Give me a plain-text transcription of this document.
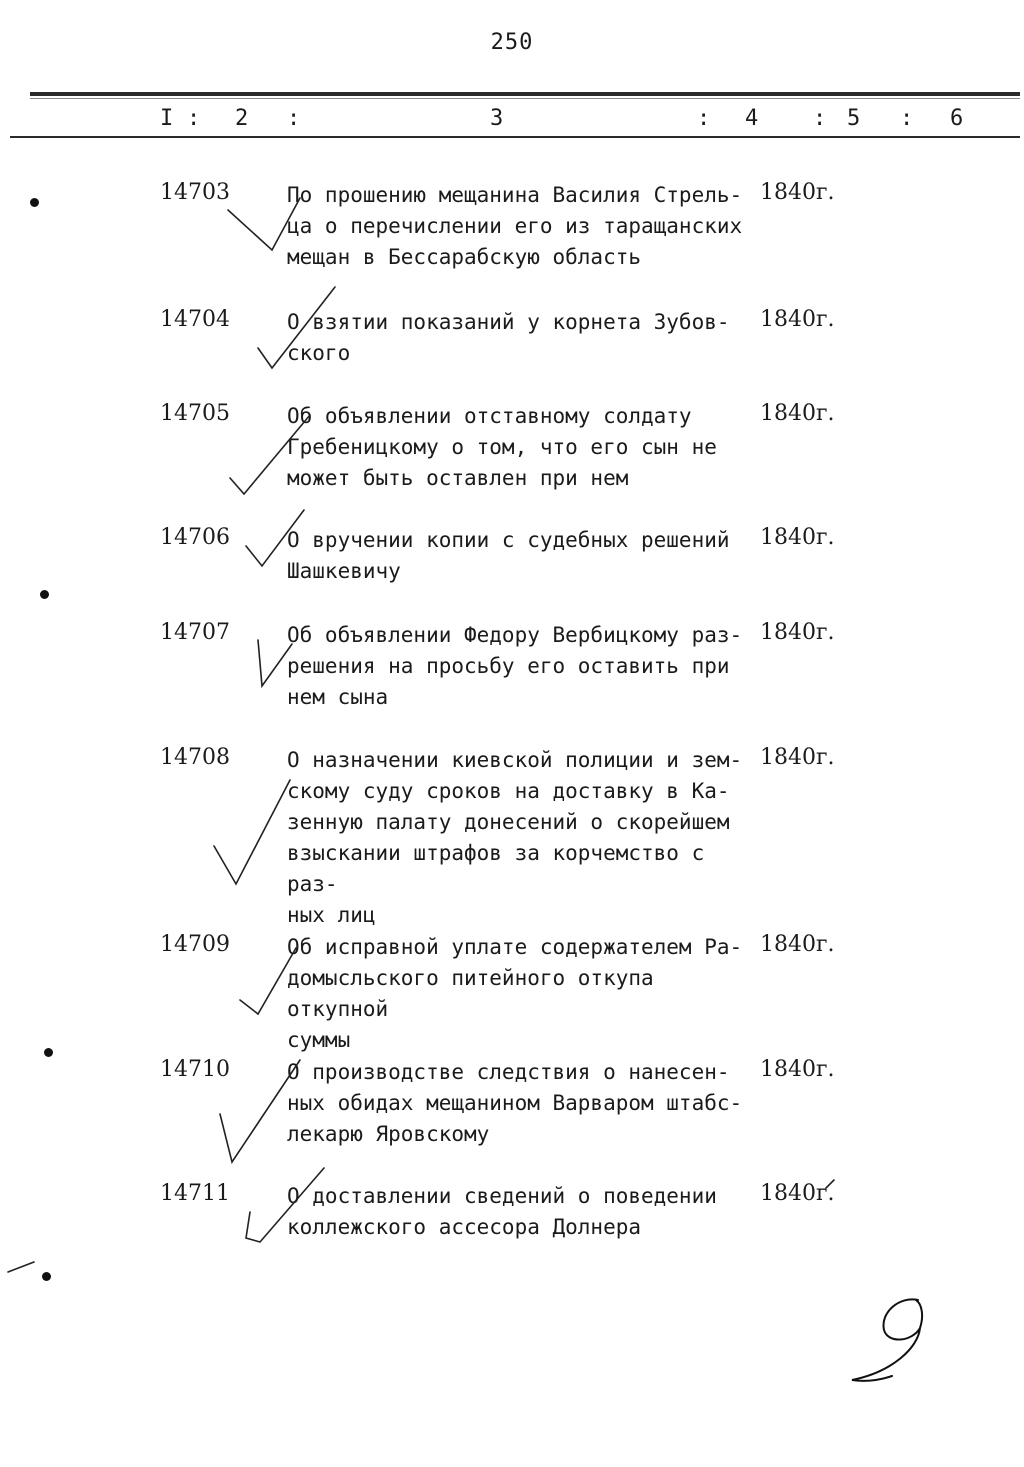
250
I : 2 :	3	: 4 : 5 : 6
14703	По прошению мещанина Василия Стрель-
ца о перечислении его из таращанских
мещан в Бессарабскую область
1840г.
14704	О взятии показаний у корнета Зубов-
ского
1840г.
14705	Об объявлении отставному солдату
Гребеницкому о том, что его сын не
может быть оставлен при нем
1840г.
14706	О вручении копии с судебных решений
Шашкевичу
1840г.
14707	Об объявлении Федору Вербицкому раз-
решения на просьбу его оставить при
нем сына
1840г.
14708	О назначении киевской полиции и зем-
скому суду сроков на доставку в Ка-
зенную палату донесений о скорейшем
взыскании штрафов за корчемство с раз-
ных лиц
1840г.
14709	Об исправной уплате содержателем Ра-
домысльского питейного откупа откупной
суммы
1840г.
14710	О производстве следствия о нанесен-
ных обидах мещанином Варваром штабс-
лекарю Яровскому
1840г.
14711	О доставлении сведений о поведении
коллежского ассесора Долнера
1840г.
